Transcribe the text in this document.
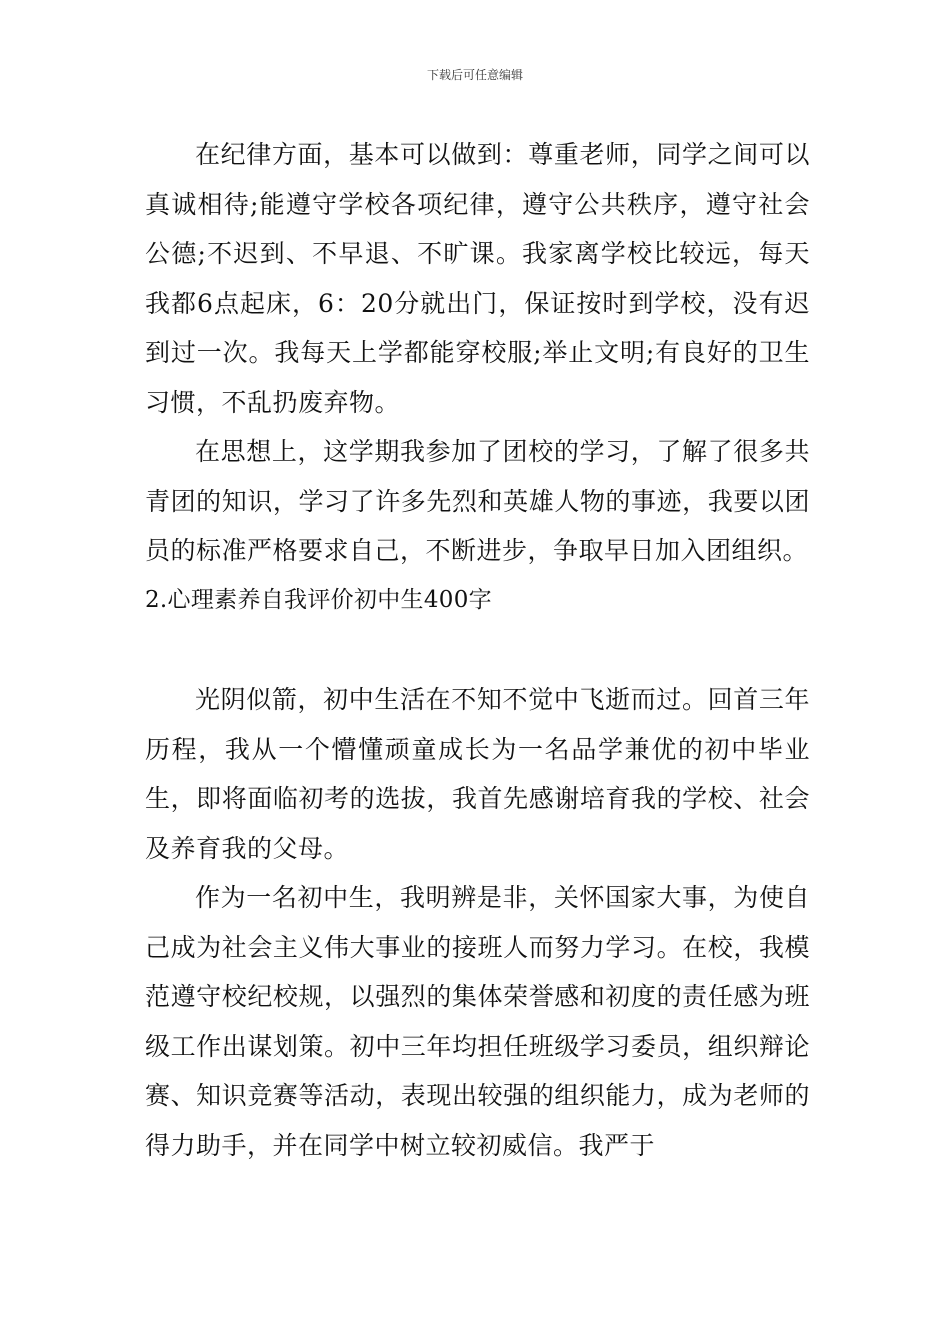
下载后可任意编辑

在纪律方面，基本可以做到：尊重老师，同学之间可以真诚相待;能遵守学校各项纪律，遵守公共秩序，遵守社会公德;不迟到、不早退、不旷课。我家离学校比较远，每天我都6点起床，6：20分就出门，保证按时到学校，没有迟到过一次。我每天上学都能穿校服;举止文明;有良好的卫生习惯，不乱扔废弃物。

在思想上，这学期我参加了团校的学习，了解了很多共青团的知识，学习了许多先烈和英雄人物的事迹，我要以团员的标准严格要求自己，不断进步，争取早日加入团组织。

2.心理素养自我评价初中生400字

光阴似箭，初中生活在不知不觉中飞逝而过。回首三年历程，我从一个懵懂顽童成长为一名品学兼优的初中毕业生，即将面临初考的选拔，我首先感谢培育我的学校、社会及养育我的父母。

作为一名初中生，我明辨是非，关怀国家大事，为使自己成为社会主义伟大事业的接班人而努力学习。在校，我模范遵守校纪校规，以强烈的集体荣誉感和初度的责任感为班级工作出谋划策。初中三年均担任班级学习委员，组织辩论赛、知识竞赛等活动，表现出较强的组织能力，成为老师的得力助手，并在同学中树立较初威信。我严于
